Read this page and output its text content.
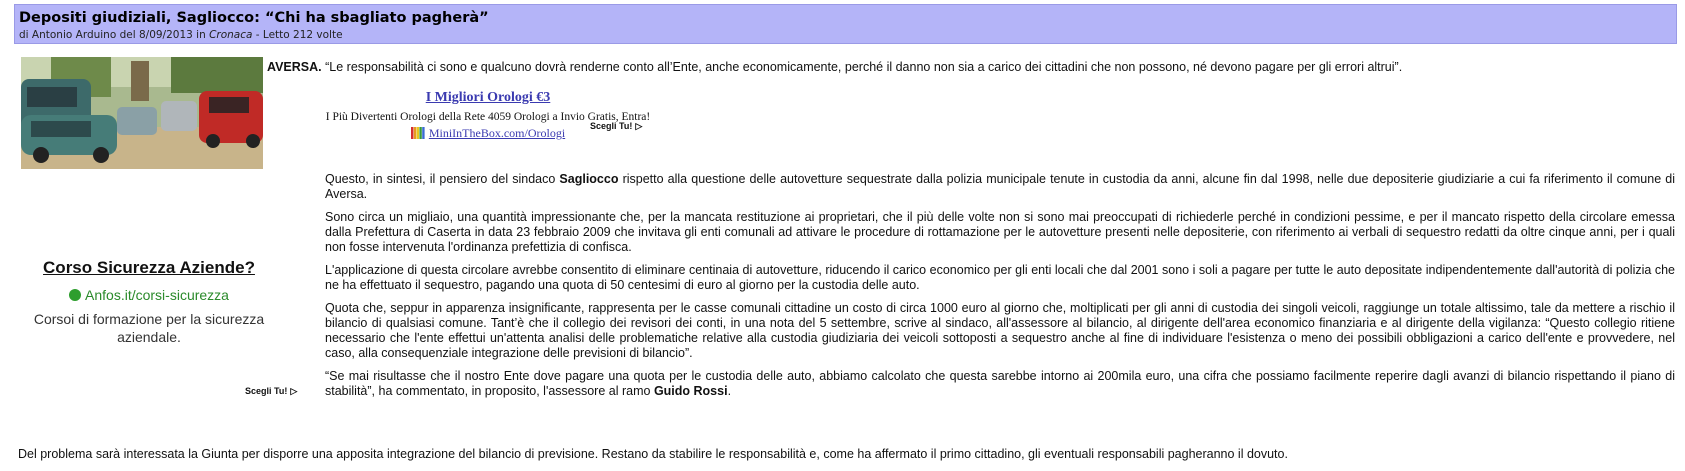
Depositi giudiziali, Sagliocco: “Chi ha sbagliato pagherà”
di Antonio Arduino del 8/09/2013 in Cronaca - Letto 212 volte
AVERSA. “Le responsabilità ci sono e qualcuno dovrà renderne conto all’Ente, anche economicamente, perché il danno non sia a carico dei cittadini che non possono, né devono pagare per gli errori altrui”.
I Migliori Orologi €3
I Più Divertenti Orologi della Rete 4059 Orologi a Invio Gratis, Entra!
MiniInTheBox.com/Orologi	Scegli Tu! ▷
Corso Sicurezza Aziende?
Anfos.it/corsi-sicurezza
Corsoi di formazione per la sicurezza aziendale.
Scegli Tu! ▷

Questo, in sintesi, il pensiero del sindaco Sagliocco rispetto alla questione delle autovetture sequestrate dalla polizia municipale tenute in custodia da anni, alcune fin dal 1998, nelle due depositerie giudiziarie a cui fa riferimento il comune di Aversa.

Sono circa un migliaio, una quantità impressionante che, per la mancata restituzione ai proprietari, che il più delle volte non si sono mai preoccupati di richiederle perché in condizioni pessime, e per il mancato rispetto della circolare emessa dalla Prefettura di Caserta in data 23 febbraio 2009 che invitava gli enti comunali ad attivare le procedure di rottamazione per le autovetture presenti nelle depositerie, con riferimento ai verbali di sequestro redatti da oltre cinque anni, per i quali non fosse intervenuta l'ordinanza prefettizia di confisca.

L'applicazione di questa circolare avrebbe consentito di eliminare centinaia di autovetture, riducendo il carico economico per gli enti locali che dal 2001 sono i soli a pagare per tutte le auto depositate indipendentemente dall'autorità di polizia che ne ha effettuato il sequestro, pagando una quota di 50 centesimi di euro al giorno per la custodia delle auto.

Quota che, seppur in apparenza insignificante, rappresenta per le casse comunali cittadine un costo di circa 1000 euro al giorno che, moltiplicati per gli anni di custodia dei singoli veicoli, raggiunge un totale altissimo, tale da mettere a rischio il bilancio di qualsiasi comune. Tant’è che il collegio dei revisori dei conti, in una nota del 5 settembre, scrive al sindaco, all'assessore al bilancio, al dirigente dell'area economico finanziaria e al dirigente della vigilanza: “Questo collegio ritiene necessario che l'ente effettui un'attenta analisi delle problematiche relative alla custodia giudiziaria dei veicoli sottoposti a sequestro anche al fine di individuare l'esistenza o meno dei possibili obbligazioni a carico dell'ente e provvedere, nel caso, alla consequenziale integrazione delle previsioni di bilancio”.

“Se mai risultasse che il nostro Ente dove pagare una quota per le custodia delle auto, abbiamo calcolato che questa sarebbe intorno ai 200mila euro, una cifra che possiamo facilmente reperire dagli avanzi di bilancio rispettando il piano di stabilità”, ha commentato, in proposito, l'assessore al ramo Guido Rossi.

Del problema sarà interessata la Giunta per disporre una apposita integrazione del bilancio di previsione. Restano da stabilire le responsabilità e, come ha affermato il primo cittadino, gli eventuali responsabili pagheranno il dovuto.
